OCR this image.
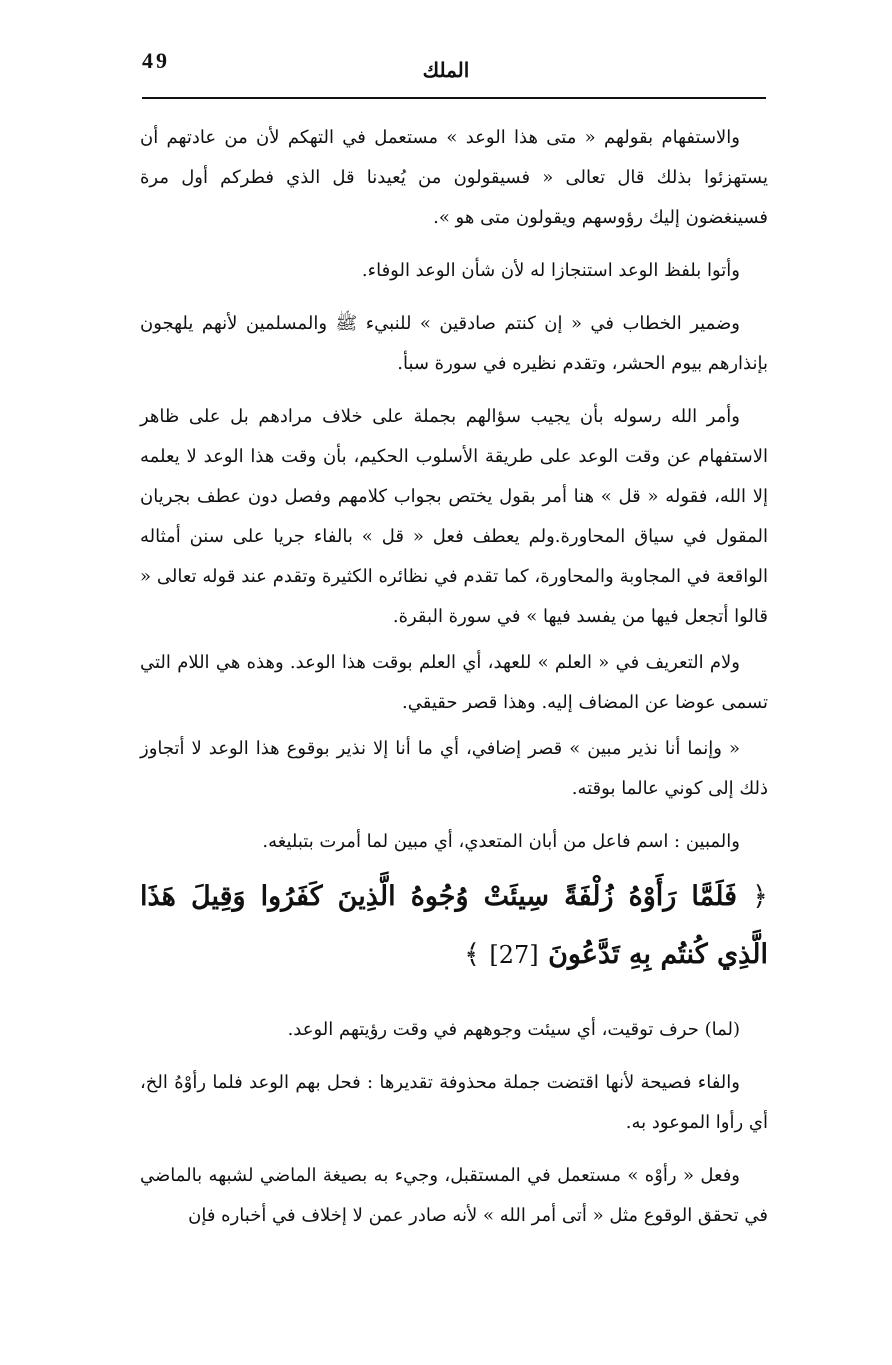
49	الملك

والاستفهام بقولهم « متى هذا الوعد » مستعمل في التهكم لأن من عادتهم أن يستهزئوا بذلك قال تعالى « فسيقولون من يُعيدنا قل الذي فطركم أول مرة فسينغضون إليك رؤوسهم ويقولون متى هو ».

وأتوا بلفظ الوعد استنجازا له لأن شأن الوعد الوفاء.

وضمير الخطاب في « إن كنتم صادقين » للنبيء ﷺ والمسلمين لأنهم يلهجون بإنذارهم بيوم الحشر، وتقدم نظيره في سورة سبأ.

وأمر الله رسوله بأن يجيب سؤالهم بجملة على خلاف مرادهم بل على ظاهر الاستفهام عن وقت الوعد على طريقة الأسلوب الحكيم، بأن وقت هذا الوعد لا يعلمه إلا الله، فقوله « قل » هنا أمر بقول يختص بجواب كلامهم وفصل دون عطف بجريان المقول في سياق المحاورة.ولم يعطف فعل « قل » بالفاء جريا على سنن أمثاله الواقعة في المجاوبة والمحاورة، كما تقدم في نظائره الكثيرة وتقدم عند قوله تعالى « قالوا أتجعل فيها من يفسد فيها » في سورة البقرة.

ولام التعريف في « العلم » للعهد، أي العلم بوقت هذا الوعد. وهذه هي اللام التي تسمى عوضا عن المضاف إليه. وهذا قصر حقيقي.

« وإنما أنا نذير مبين » قصر إضافي، أي ما أنا إلا نذير بوقوع هذا الوعد لا أتجاوز ذلك إلى كوني عالما بوقته.

والمبين : اسم فاعل من أبان المتعدي، أي مبين لما أمرت بتبليغه.

﴿ فَلَمَّا رَأَوْهُ زُلْفَةً سِيئَتْ وُجُوهُ الَّذِينَ كَفَرُوا وَقِيلَ هَذَا الَّذِي كُنتُم بِهِ تَدَّعُونَ [27] ﴾

(لما) حرف توقيت، أي سيئت وجوههم في وقت رؤيتهم الوعد.

والفاء فصيحة لأنها اقتضت جملة محذوفة تقديرها : فحل بهم الوعد فلما رأوْهُ الخ، أي رأوا الموعود به.

وفعل « رأوْه » مستعمل في المستقبل، وجيء به بصيغة الماضي لشبهه بالماضي في تحقق الوقوع مثل « أتى أمر الله » لأنه صادر عمن لا إخلاف في أخباره فإن
